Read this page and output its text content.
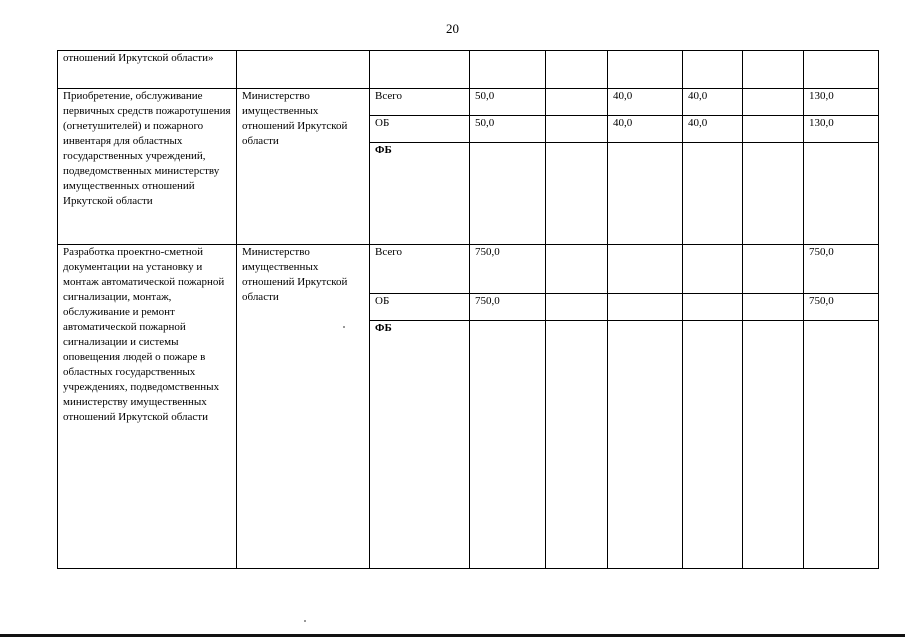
20
отношений Иркутской области»								
Приобретение, обслуживание первичных средств пожаротушения (огнетушителей) и пожарного инвентаря для областных государственных учреждений, подведомственных министерству имущественных отношений Иркутской области	Министерство имущественных отношений Иркутской области	Всего	50,0		40,0	40,0		130,0
		ОБ	50,0		40,0	40,0		130,0
		ФБ						
Разработка проектно-сметной документации на установку и монтаж автоматической пожарной сигнализации, монтаж, обслуживание и ремонт автоматической пожарной сигнализации и системы оповещения людей о пожаре в областных государственных учреждениях, подведомственных министерству имущественных отношений Иркутской области	Министерство имущественных отношений Иркутской области	Всего	750,0					750,0
		ОБ	750,0					750,0
		ФБ						
